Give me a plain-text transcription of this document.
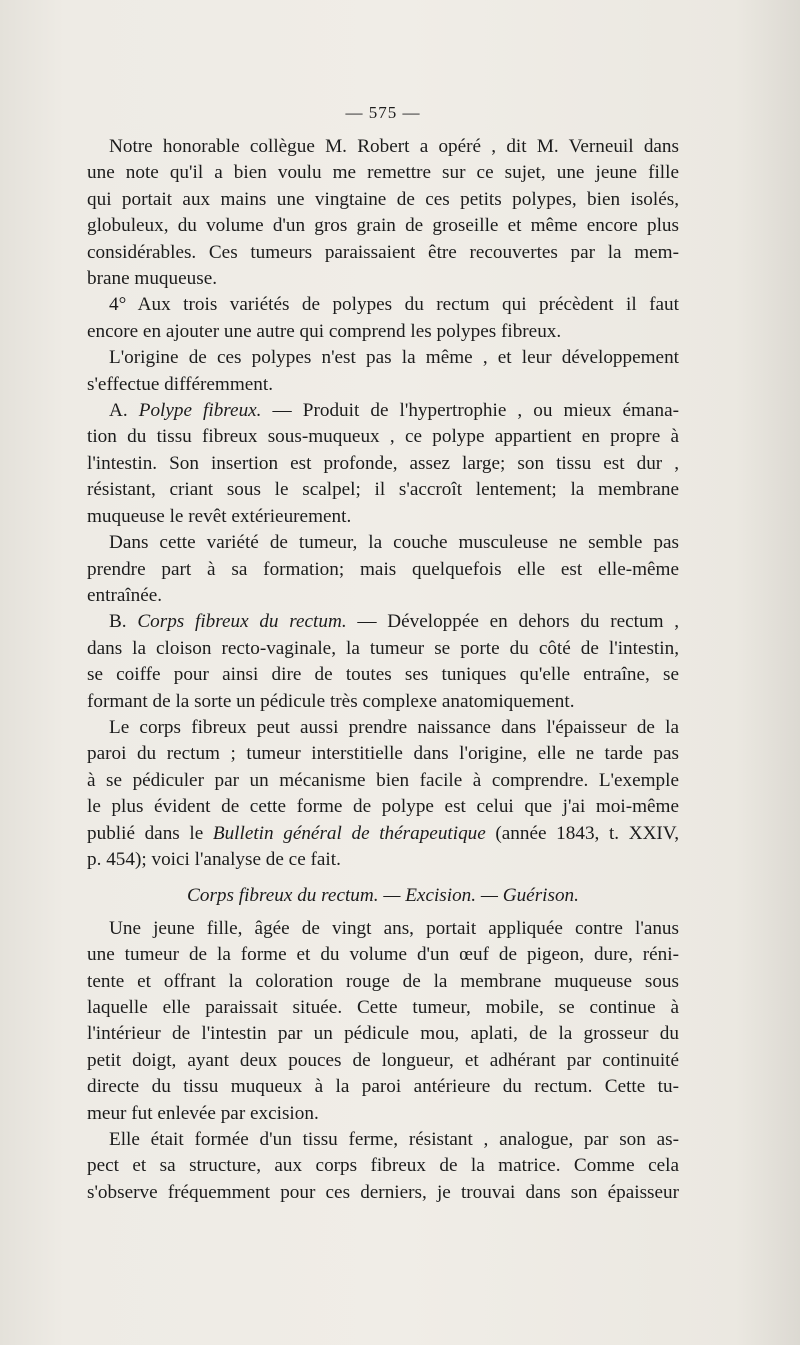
— 575 —
Notre honorable collègue M. Robert a opéré , dit M. Verneuil dans
une note qu'il a bien voulu me remettre sur ce sujet, une jeune fille
qui portait aux mains une vingtaine de ces petits polypes, bien isolés,
globuleux, du volume d'un gros grain de groseille et même encore plus
considérables. Ces tumeurs paraissaient être recouvertes par la mem-
brane muqueuse.
4° Aux trois variétés de polypes du rectum qui précèdent il faut
encore en ajouter une autre qui comprend les polypes fibreux.
L'origine de ces polypes n'est pas la même , et leur développement
s'effectue différemment.
A. Polype fibreux. — Produit de l'hypertrophie , ou mieux émana-
tion du tissu fibreux sous-muqueux , ce polype appartient en propre à
l'intestin. Son insertion est profonde, assez large; son tissu est dur ,
résistant, criant sous le scalpel; il s'accroît lentement; la membrane
muqueuse le revêt extérieurement.
Dans cette variété de tumeur, la couche musculeuse ne semble pas
prendre part à sa formation; mais quelquefois elle est elle-même
entraînée.
B. Corps fibreux du rectum. — Développée en dehors du rectum ,
dans la cloison recto-vaginale, la tumeur se porte du côté de l'intestin,
se coiffe pour ainsi dire de toutes ses tuniques qu'elle entraîne, se
formant de la sorte un pédicule très complexe anatomiquement.
Le corps fibreux peut aussi prendre naissance dans l'épaisseur de la
paroi du rectum ; tumeur interstitielle dans l'origine, elle ne tarde pas
à se pédiculer par un mécanisme bien facile à comprendre. L'exemple
le plus évident de cette forme de polype est celui que j'ai moi-même
publié dans le Bulletin général de thérapeutique (année 1843, t. XXIV,
p. 454); voici l'analyse de ce fait.
Corps fibreux du rectum. — Excision. — Guérison.
Une jeune fille, âgée de vingt ans, portait appliquée contre l'anus
une tumeur de la forme et du volume d'un œuf de pigeon, dure, réni-
tente et offrant la coloration rouge de la membrane muqueuse sous
laquelle elle paraissait située. Cette tumeur, mobile, se continue à
l'intérieur de l'intestin par un pédicule mou, aplati, de la grosseur du
petit doigt, ayant deux pouces de longueur, et adhérant par continuité
directe du tissu muqueux à la paroi antérieure du rectum. Cette tu-
meur fut enlevée par excision.
Elle était formée d'un tissu ferme, résistant , analogue, par son as-
pect et sa structure, aux corps fibreux de la matrice. Comme cela
s'observe fréquemment pour ces derniers, je trouvai dans son épaisseur
